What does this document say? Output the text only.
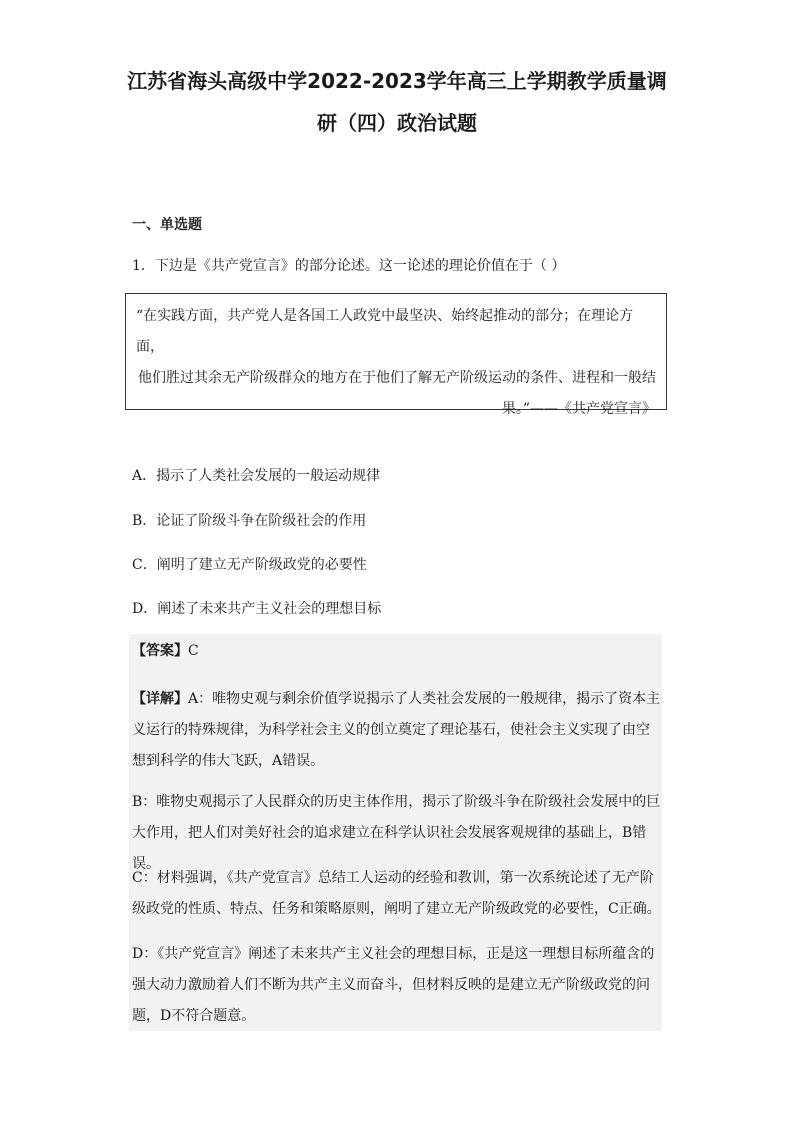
江苏省海头高级中学2022-2023学年高三上学期教学质量调
研（四）政治试题
一、单选题
1．下边是《共产党宣言》的部分论述。这一论述的理论价值在于（ ）
“在实践方面，共产党人是各国工人政党中最坚决、始终起推动的部分；在理论方面，
他们胜过其余无产阶级群众的地方在于他们了解无产阶级运动的条件、进程和一般结
果。”——《共产党宣言》
A．揭示了人类社会发展的一般运动规律
B．论证了阶级斗争在阶级社会的作用
C．阐明了建立无产阶级政党的必要性
D．阐述了未来共产主义社会的理想目标
【答案】C
【详解】A：唯物史观与剩余价值学说揭示了人类社会发展的一般规律，揭示了资本主义运行的特殊规律，为科学社会主义的创立奠定了理论基石，使社会主义实现了由空想到科学的伟大飞跃，A错误。
B：唯物史观揭示了人民群众的历史主体作用，揭示了阶级斗争在阶级社会发展中的巨大作用，把人们对美好社会的追求建立在科学认识社会发展客观规律的基础上，B错误。
C：材料强调，《共产党宣言》总结工人运动的经验和教训，第一次系统论述了无产阶级政党的性质、特点、任务和策略原则，阐明了建立无产阶级政党的必要性，C正确。
D：《共产党宣言》阐述了未来共产主义社会的理想目标，正是这一理想目标所蕴含的强大动力激励着人们不断为共产主义而奋斗，但材料反映的是建立无产阶级政党的问题，D不符合题意。
